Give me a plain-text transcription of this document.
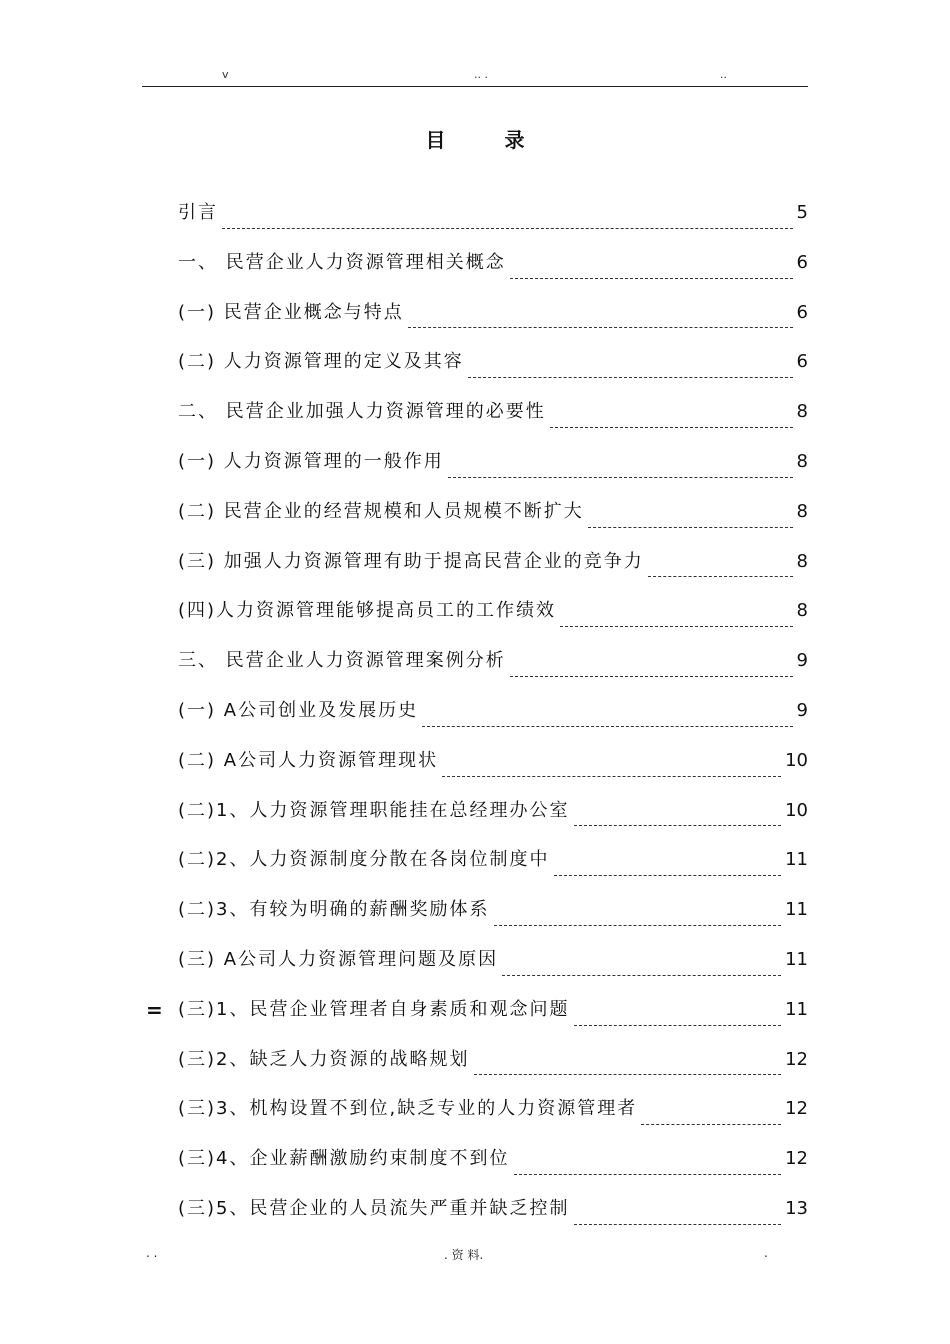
v	.. .	..
目 录
=
引言	5
一、 民营企业人力资源管理相关概念	6
(一) 民营企业概念与特点	6
(二) 人力资源管理的定义及其容	6
二、 民营企业加强人力资源管理的必要性	8
(一) 人力资源管理的一般作用	8
(二) 民营企业的经营规模和人员规模不断扩大	8
(三) 加强人力资源管理有助于提高民营企业的竞争力	8
(四)人力资源管理能够提高员工的工作绩效	8
三、 民营企业人力资源管理案例分析	9
(一) A公司创业及发展历史	9
(二) A公司人力资源管理现状	10
(二)1、人力资源管理职能挂在总经理办公室	10
(二)2、人力资源制度分散在各岗位制度中	11
(二)3、有较为明确的薪酬奖励体系	11
(三) A公司人力资源管理问题及原因	11
(三)1、民营企业管理者自身素质和观念问题	11
(三)2、缺乏人力资源的战略规划	12
(三)3、机构设置不到位,缺乏专业的人力资源管理者	12
(三)4、企业薪酬激励约束制度不到位	12
(三)5、民营企业的人员流失严重并缺乏控制	13
. .	. 资 料.	.
